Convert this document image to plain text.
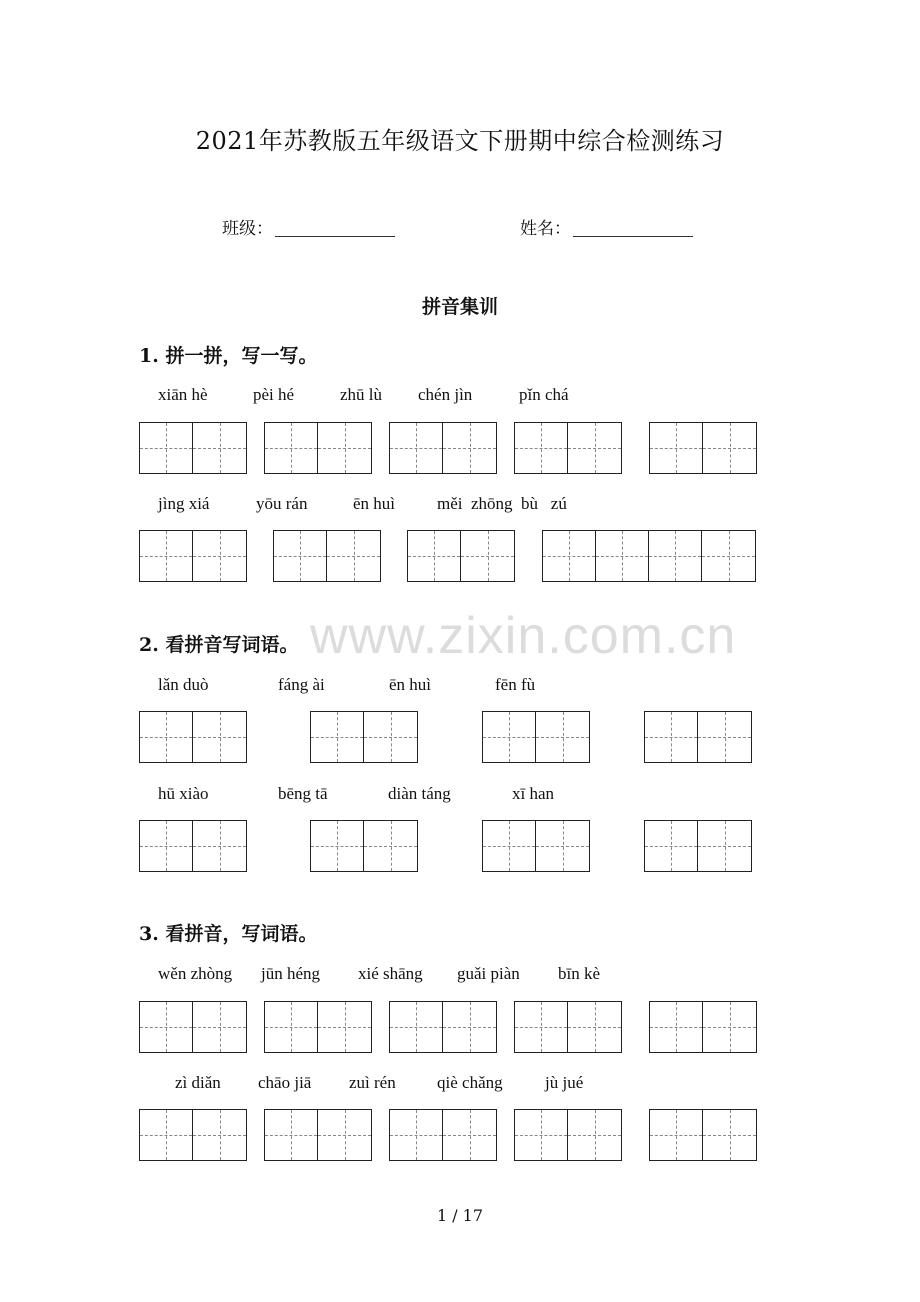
2021年苏教版五年级语文下册期中综合检测练习
班级：	姓名：
拼音集训
www.zixin.com.cn
1. 拼一拼，写一写。
xiān hè	pèi hé	zhū lù chén jìn	pǐn chá
jìng xiá	yōu rán	ēn huì měi  zhōng  bù   zú
2. 看拼音写词语。
lǎn duò	fáng ài	ēn huì	fēn fù
hū xiào	bēng tā	diàn táng	xī han
3. 看拼音，写词语。
wěn zhòng jūn héng xié shāng guǎi piàn bīn kè
zì diǎn chāo jiā zuì rén qiè chǎng jù jué
1 / 17
